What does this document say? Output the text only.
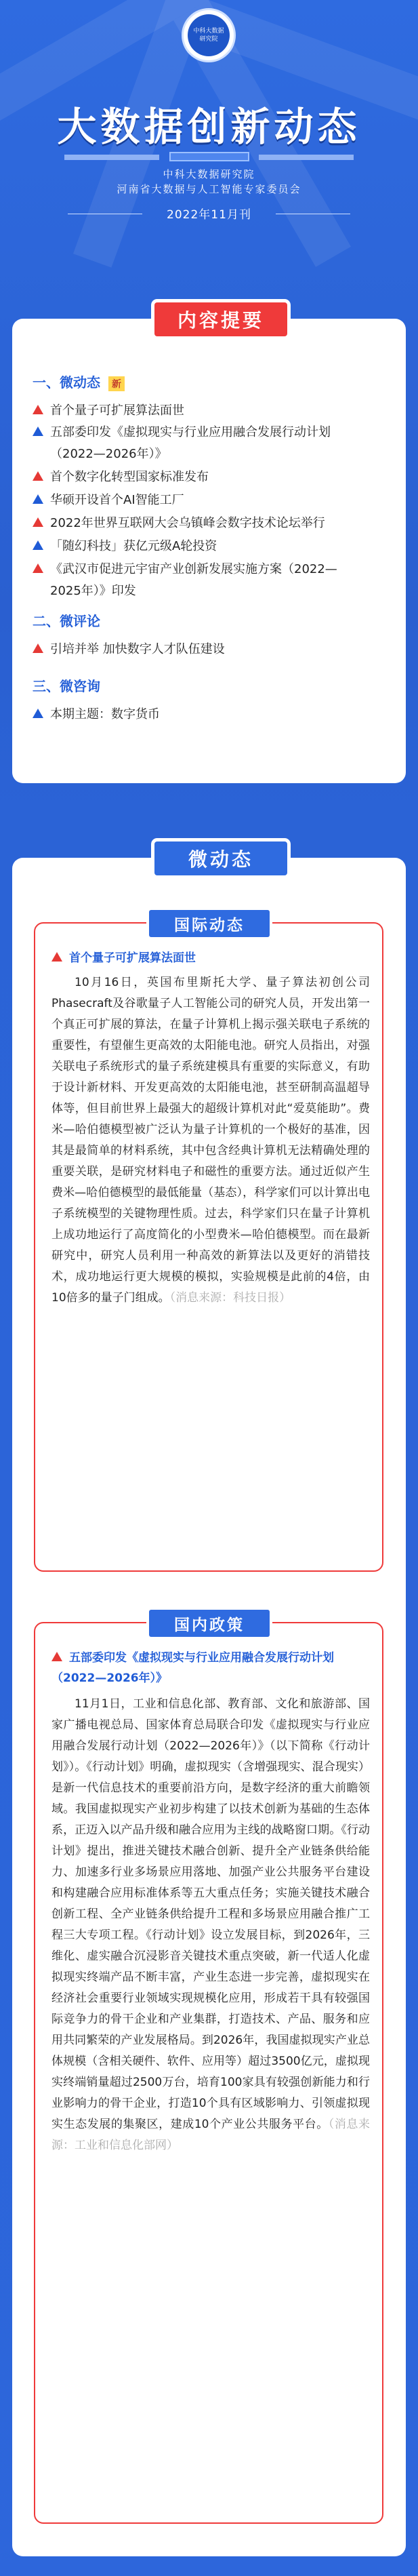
中科大数据
研究院
大数据创新动态
中科大数据研究院
河南省大数据与人工智能专家委员会
2022年11月刊
内容提要
一、微动态 新
首个量子可扩展算法面世
五部委印发《虚拟现实与行业应用融合发展行动计划
（2022—2026年）》
首个数字化转型国家标准发布
华硕开设首个AI智能工厂
2022年世界互联网大会乌镇峰会数字技术论坛举行
「随幻科技」获亿元级A轮投资
《武汉市促进元宇宙产业创新发展实施方案（2022—
2025年）》印发
二、微评论
引培并举 加快数字人才队伍建设
三、微咨询
本期主题：数字货币
微动态
国际动态
首个量子可扩展算法面世
10月16日，英国布里斯托大学、量子算法初创公司Phasecraft及谷歌量子人工智能公司的研究人员，开发出第一个真正可扩展的算法，在量子计算机上揭示强关联电子系统的重要性，有望催生更高效的太阳能电池。研究人员指出，对强关联电子系统形式的量子系统建模具有重要的实际意义，有助于设计新材料、开发更高效的太阳能电池，甚至研制高温超导体等，但目前世界上最强大的超级计算机对此“爱莫能助”。费米—哈伯德模型被广泛认为量子计算机的一个极好的基准，因其是最简单的材料系统，其中包含经典计算机无法精确处理的重要关联，是研究材料电子和磁性的重要方法。通过近似产生费米—哈伯德模型的最低能量（基态），科学家们可以计算出电子系统模型的关键物理性质。过去，科学家们只在量子计算机上成功地运行了高度简化的小型费米—哈伯德模型。而在最新研究中，研究人员利用一种高效的新算法以及更好的消错技术，成功地运行更大规模的模拟，实验规模是此前的4倍，由10倍多的量子门组成。（消息来源：科技日报）
国内政策
五部委印发《虚拟现实与行业应用融合发展行动计划（2022—2026年）》
11月1日，工业和信息化部、教育部、文化和旅游部、国家广播电视总局、国家体育总局联合印发《虚拟现实与行业应用融合发展行动计划（2022—2026年）》（以下简称《行动计划》）。《行动计划》明确，虚拟现实（含增强现实、混合现实）是新一代信息技术的重要前沿方向，是数字经济的重大前瞻领域。我国虚拟现实产业初步构建了以技术创新为基础的生态体系，正迈入以产品升级和融合应用为主线的战略窗口期。《行动计划》提出，推进关键技术融合创新、提升全产业链条供给能力、加速多行业多场景应用落地、加强产业公共服务平台建设和构建融合应用标准体系等五大重点任务；实施关键技术融合创新工程、全产业链条供给提升工程和多场景应用融合推广工程三大专项工程。《行动计划》设立发展目标，到2026年，三维化、虚实融合沉浸影音关键技术重点突破，新一代适人化虚拟现实终端产品不断丰富，产业生态进一步完善，虚拟现实在经济社会重要行业领域实现规模化应用，形成若干具有较强国际竞争力的骨干企业和产业集群，打造技术、产品、服务和应用共同繁荣的产业发展格局。到2026年，我国虚拟现实产业总体规模（含相关硬件、软件、应用等）超过3500亿元，虚拟现实终端销量超过2500万台，培育100家具有较强创新能力和行业影响力的骨干企业，打造10个具有区域影响力、引领虚拟现实生态发展的集聚区，建成10个产业公共服务平台。（消息来源：工业和信息化部网）
